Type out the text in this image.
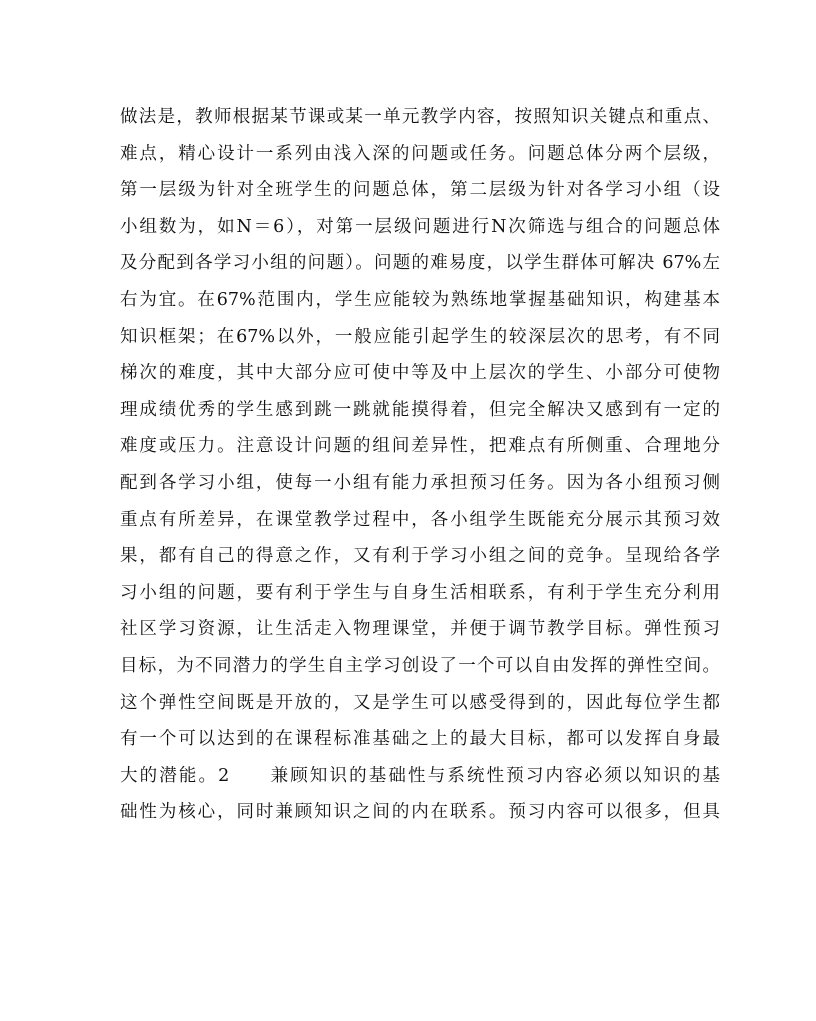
做法是，教师根据某节课或某一单元教学内容，按照知识关键点和重点、
难点，精心设计一系列由浅入深的问题或任务。问题总体分两个层级，
第一层级为针对全班学生的问题总体，第二层级为针对各学习小组（设
小组数为，如N＝6），对第一层级问题进行N次筛选与组合的问题总体
及分配到各学习小组的问题）。问题的难易度，以学生群体可解决 67%左
右为宜。在67%范围内，学生应能较为熟练地掌握基础知识，构建基本
知识框架；在67%以外，一般应能引起学生的较深层次的思考，有不同
梯次的难度，其中大部分应可使中等及中上层次的学生、小部分可使物
理成绩优秀的学生感到跳一跳就能摸得着，但完全解决又感到有一定的
难度或压力。注意设计问题的组间差异性，把难点有所侧重、合理地分
配到各学习小组，使每一小组有能力承担预习任务。因为各小组预习侧
重点有所差异，在课堂教学过程中，各小组学生既能充分展示其预习效
果，都有自己的得意之作，又有利于学习小组之间的竞争。呈现给各学
习小组的问题，要有利于学生与自身生活相联系，有利于学生充分利用
社区学习资源，让生活走入物理课堂，并便于调节教学目标。弹性预习
目标，为不同潜力的学生自主学习创设了一个可以自由发挥的弹性空间。
这个弹性空间既是开放的，又是学生可以感受得到的，因此每位学生都
有一个可以达到的在课程标准基础之上的最大目标，都可以发挥自身最
大的潜能。2　　兼顾知识的基础性与系统性预习内容必须以知识的基
础性为核心，同时兼顾知识之间的内在联系。预习内容可以很多，但具
